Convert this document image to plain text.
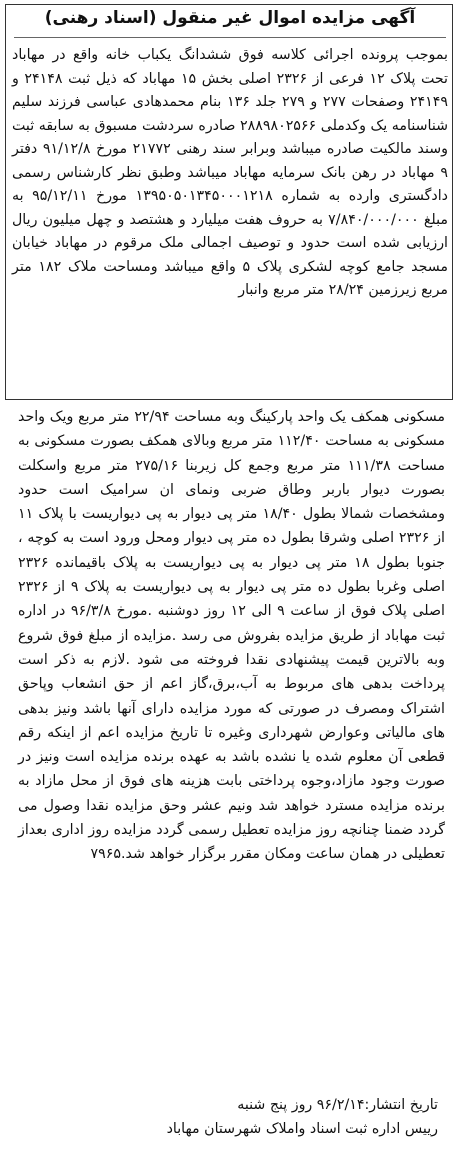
آگهی مزایده اموال غیر منقول (اسناد رهنی)
بموجب پرونده اجرائی کلاسه فوق ششدانگ یکباب خانه واقع در مهاباد تحت پلاک ۱۲ فرعی از ۲۳۲۶ اصلی بخش ۱۵ مهاباد که ذیل ثبت ۲۴۱۴۸ و ۲۴۱۴۹ وصفحات ۲۷۷ و ۲۷۹ جلد ۱۳۶ بنام محمدهادی عباسی فرزند سلیم شناسنامه یک وکدملی ۲۸۸۹۸۰۲۵۶۶ صادره سردشت مسبوق به سابقه ثبت وسند مالکیت صادره میباشد وبرابر سند رهنی ۲۱۷۷۲ مورخ ۹۱/۱۲/۸ دفتر ۹ مهاباد در رهن بانک سرمایه مهاباد میباشد وطبق نظر کارشناس رسمی دادگستری وارده به شماره ۱۳۹۵۰۵۰۱۳۴۵۰۰۰۱۲۱۸ مورخ ۹۵/۱۲/۱۱ به مبلغ ۷/۸۴۰/۰۰۰/۰۰۰ به حروف هفت میلیارد و هشتصد و چهل میلیون ریال ارزیابی شده است حدود و توصیف اجمالی ملک مرقوم در مهاباد خیابان مسجد جامع کوچه لشکری پلاک ۵ واقع میباشد ومساحت ملاک ۱۸۲ متر مربع زیرزمین ۲۸/۲۴ متر مربع وانبار
مسکونی همکف یک واحد پارکینگ وبه مساحت ۲۲/۹۴ متر مربع ویک واحد مسکونی به مساحت ۱۱۲/۴۰ متر مربع وبالای همکف بصورت مسکونی به مساحت ۱۱۱/۳۸ متر مربع وجمع کل زیربنا ۲۷۵/۱۶ متر مربع واسکلت بصورت دیوار باربر وطاق ضربی ونمای ان سرامیک است حدود ومشخصات شمالا بطول ۱۸/۴۰ متر پی دیوار به پی دیواریست با پلاک ۱۱ از ۲۳۲۶ اصلی وشرقا بطول ده متر پی دیوار ومحل ورود است به کوچه ، جنوبا بطول ۱۸ متر پی دیوار به پی دیواریست به پلاک باقیمانده ۲۳۲۶ اصلی وغربا بطول ده متر پی دیوار به پی دیواریست به پلاک ۹ از ۲۳۲۶ اصلی پلاک فوق از ساعت ۹ الی ۱۲ روز دوشنبه .مورخ ۹۶/۳/۸ در اداره ثبت مهاباد از طریق مزایده بفروش می رسد .مزایده از مبلغ فوق شروع وبه بالاترین قیمت پیشنهادی نقدا فروخته می شود .لازم به ذکر است پرداخت بدهی های مربوط به آب،برق،گاز اعم از حق انشعاب وپاحق اشتراک ومصرف در صورتی که مورد مزایده دارای آنها باشد ونیز بدهی های مالیاتی وعوارض شهرداری وغیره تا تاریخ مزایده اعم از اینکه رقم قطعی آن معلوم شده یا نشده باشد به عهده برنده مزایده است ونیز در صورت وجود مازاد،وجوه پرداختی بابت هزینه های فوق از محل مازاد به برنده مزایده مسترد خواهد شد ونیم عشر وحق مزایده نقدا وصول می گردد ضمنا چنانچه روز مزایده تعطیل رسمی گردد مزایده روز اداری بعداز تعطیلی در همان ساعت ومکان مقرر برگزار خواهد شد.۷۹۶۵
تاریخ انتشار:۹۶/۲/۱۴ روز پنج شنبه
رییس اداره ثبت اسناد واملاک شهرستان مهاباد
